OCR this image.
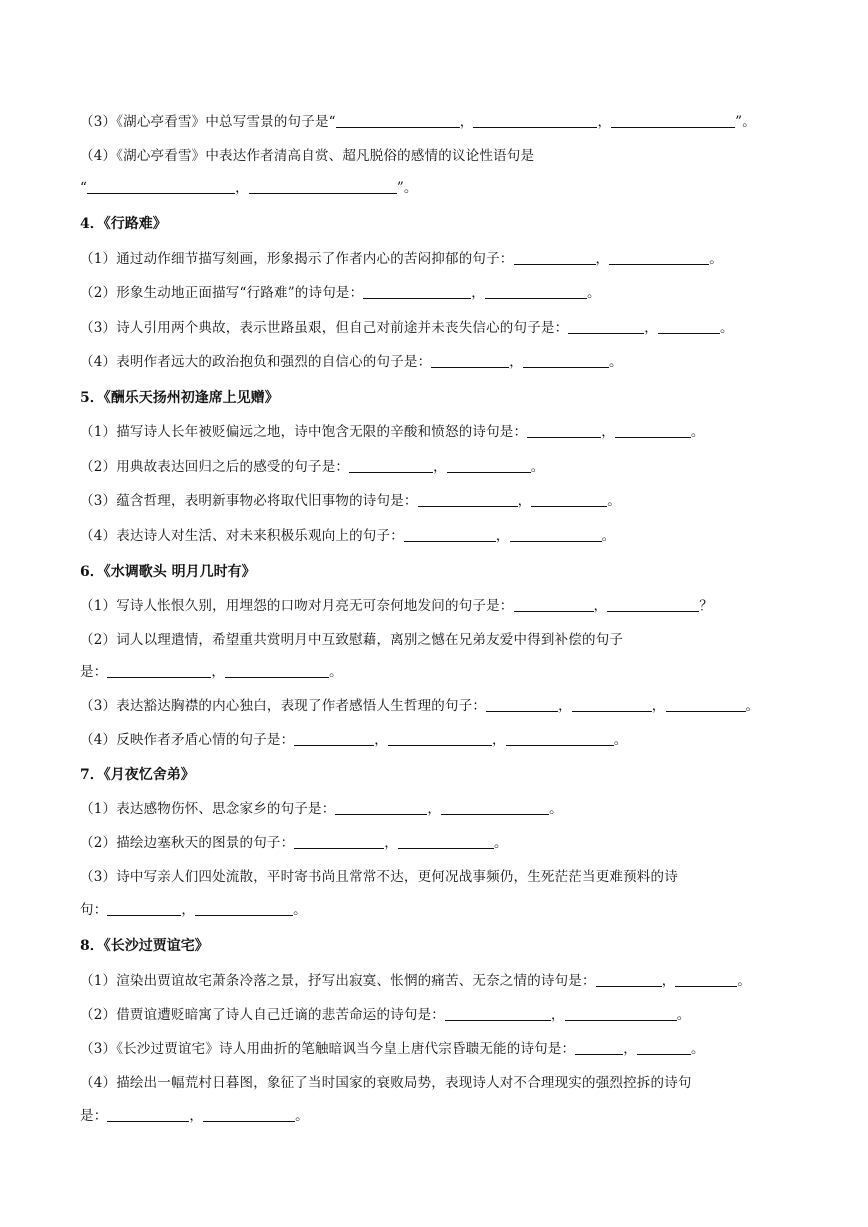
（3）《湖心亭看雪》中总写雪景的句子是“	，	，	”。
（4）《湖心亭看雪》中表达作者清高自赏、超凡脱俗的感情的议论性语句是
“	，	”。
4．《行路难》
（1）通过动作细节描写刻画，形象揭示了作者内心的苦闷抑郁的句子：	，	。
（2）形象生动地正面描写“行路难”的诗句是：	，	。
（3）诗人引用两个典故，表示世路虽艰，但自己对前途并未丧失信心的句子是：	，	。
（4）表明作者远大的政治抱负和强烈的自信心的句子是：	，	。
5．《酬乐天扬州初逢席上见赠》
（1）描写诗人长年被贬偏远之地，诗中饱含无限的辛酸和愤怒的诗句是：	，	。
（2）用典故表达回归之后的感受的句子是：	，	。
（3）蕴含哲理，表明新事物必将取代旧事物的诗句是：	，	。
（4）表达诗人对生活、对未来积极乐观向上的句子：	，	。
6．《水调歌头 明月几时有》
（1）写诗人怅恨久别，用埋怨的口吻对月亮无可奈何地发问的句子是：	，	？
（2）词人以理遣情，希望重共赏明月中互致慰藉，离别之憾在兄弟友爱中得到补偿的句子
是：	，	。
（3）表达豁达胸襟的内心独白，表现了作者感悟人生哲理的句子：	，	，	。
（4）反映作者矛盾心情的句子是：	，	，	。
7．《月夜忆舍弟》
（1）表达感物伤怀、思念家乡的句子是：	，	。
（2）描绘边塞秋天的图景的句子：	，	。
（3）诗中写亲人们四处流散，平时寄书尚且常常不达，更何况战事频仍，生死茫茫当更难预料的诗
句：	，	。
8．《长沙过贾谊宅》
（1）渲染出贾谊故宅萧条冷落之景，抒写出寂寞、怅惘的痛苦、无奈之情的诗句是：	，	。
（2）借贾谊遭贬暗寓了诗人自己迁谪的悲苦命运的诗句是：	，	。
（3）《长沙过贾谊宅》诗人用曲折的笔触暗讽当今皇上唐代宗昏聩无能的诗句是：	，	。
（4）描绘出一幅荒村日暮图，象征了当时国家的衰败局势，表现诗人对不合理现实的强烈控拆的诗句
是：	，	。
